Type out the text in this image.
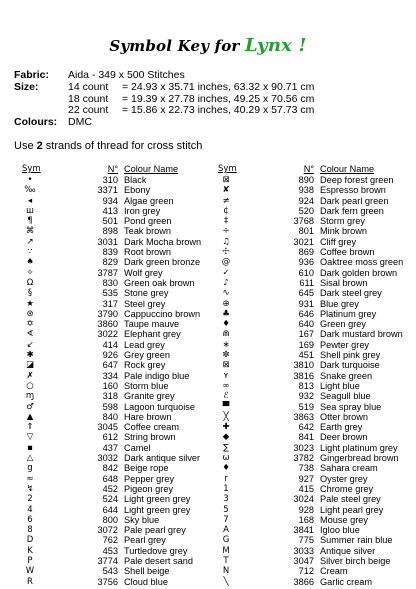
Symbol Key for Lynx !
Fabric:	Aida - 349 x 500 Stitches
Size:	14 count	= 24.93 x 35.71 inches, 63.32 x 90.71 cm
18 count	= 19.39 x 27.78 inches, 49.25 x 70.56 cm
22 count	= 15.86 x 22.73 inches, 40.29 x 57.73 cm
Colours:	DMC
Use 2 strands of thread for cross stitch
Sym	N° Colour Name
•	310 Black
‰	3371 Ebony
◂	934 Algae green
ш	413 Iron grey
¶	501 Pond green
⌘	898 Teak brown
↗	3031 Dark Mocha brown
∵	839 Root brown
♠	829 Dark green bronze
✧	3787 Wolf grey
Ω	830 Green oak brown
§	535 Stone grey
★	317 Steel grey
⊛	3790 Cappuccino brown
✡	3860 Taupe mauve
∢	3022 Elephant grey
↙	414 Lead grey
✱	926 Grey green
◪	647 Rock grey
✗	334 Pale indigo blue
○	160 Storm blue
ɱ	318 Granite grey
♂	598 Lagoon turquoise
▲	840 Hare brown
⇑	3045 Coffee cream
▽	612 String brown
▪	437 Camel
△	3032 Dark antique silver
g	842 Beige rope
≈	648 Pepper grey
↯	452 Pigeon grey
2	524 Light green grey
4	644 Light green grey
6	800 Sky blue
8	3072 Pale pearl grey
D	762 Pearl grey
K	453 Turtledove grey
P	3774 Pale desert sand
W	543 Shell beige
R	3756 Cloud blue
Sym	N° Colour Name
⊠	890 Deep forest green
✘	938 Espresso brown
≠	924 Dark pearl green
¢	520 Dark fern green
‡	3768 Storm grey
÷	801 Mink brown
♫	3021 Cliff grey
☩	869 Coffee brown
@	936 Oaktree moss green
✓	610 Dark golden brown
♪	611 Sisal brown
∿	645 Dark steel grey
⊕	931 Blue grey
♣	646 Platinum grey
♦	640 Green grey
⋒	167 Dark mustard brown
∗	169 Pewter grey
✼	451 Shell pink grey
⊠	3810 Dark turquoise
ʏ	3816 Snake green
∞	813 Light blue
ℰ	932 Seagull blue
▀	519 Sea spray blue
╳	3863 Otter brown
✚	642 Earth grey
◆	841 Deer brown
∑	3023 Light platinum grey
ω	3782 Gingerbread brown
♦	738 Sahara cream
r	927 Oyster grey
1	415 Chrome grey
3	3024 Pale steel grey
5	928 Light pearl grey
7	168 Mouse grey
A	3841 Igloo blue
G	775 Summer rain blue
M	3033 Antique silver
T	3047 Silver birch beige
N	712 Cream
╲	3866 Garlic cream
